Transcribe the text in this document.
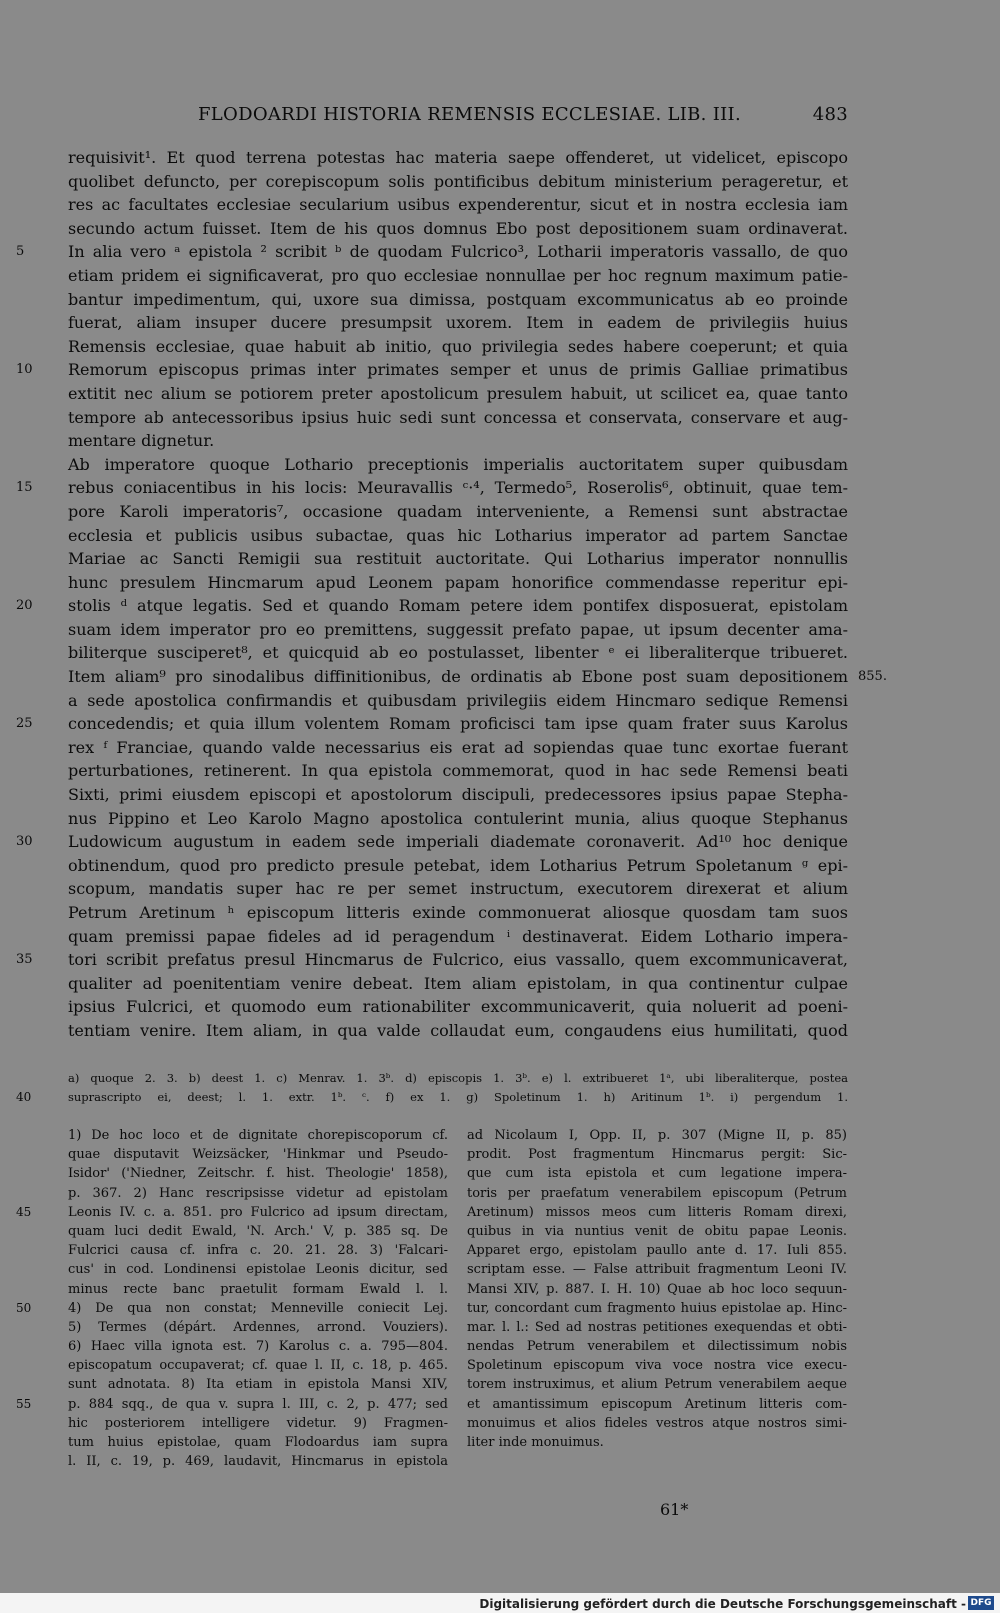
FLODOARDI HISTORIA REMENSIS ECCLESIAE. LIB. III.	483
requisivit¹. Et quod terrena potestas hac materia saepe offenderet, ut videlicet, episcopo
quolibet defuncto, per corepiscopum solis pontificibus debitum ministerium perageretur, et
res ac facultates ecclesiae secularium usibus expenderentur, sicut et in nostra ecclesia iam
secundo actum fuisset. Item de his quos domnus Ebo post depositionem suam ordinaverat.
5	In alia vero ᵃ epistola ² scribit ᵇ de quodam Fulcrico³, Lotharii imperatoris vassallo, de quo
etiam pridem ei significaverat, pro quo ecclesiae nonnullae per hoc regnum maximum patie-
bantur impedimentum, qui, uxore sua dimissa, postquam excommunicatus ab eo proinde
fuerat, aliam insuper ducere presumpsit uxorem. Item in eadem de privilegiis huius
Remensis ecclesiae, quae habuit ab initio, quo privilegia sedes habere coeperunt; et quia
10	Remorum episcopus primas inter primates semper et unus de primis Galliae primatibus
extitit nec alium se potiorem preter apostolicum presulem habuit, ut scilicet ea, quae tanto
tempore ab antecessoribus ipsius huic sedi sunt concessa et conservata, conservare et aug-
mentare dignetur.
Ab imperatore quoque Lothario preceptionis imperialis auctoritatem super quibusdam
15	rebus coniacentibus in his locis: Meuravallis ᶜ·⁴, Termedo⁵, Roserolis⁶, obtinuit, quae tem-
pore Karoli imperatoris⁷, occasione quadam interveniente, a Remensi sunt abstractae
ecclesia et publicis usibus subactae, quas hic Lotharius imperator ad partem Sanctae
Mariae ac Sancti Remigii sua restituit auctoritate. Qui Lotharius imperator nonnullis
hunc presulem Hincmarum apud Leonem papam honorifice commendasse reperitur epi-
20	stolis ᵈ atque legatis. Sed et quando Romam petere idem pontifex disposuerat, epistolam
suam idem imperator pro eo premittens, suggessit prefato papae, ut ipsum decenter ama-
biliterque susciperet⁸, et quicquid ab eo postulasset, libenter ᵉ ei liberaliterque tribueret.
Item aliam⁹ pro sinodalibus diffinitionibus, de ordinatis ab Ebone post suam depositionem 855.
a sede apostolica confirmandis et quibusdam privilegiis eidem Hincmaro sedique Remensi
25	concedendis; et quia illum volentem Romam proficisci tam ipse quam frater suus Karolus
rex ᶠ Franciae, quando valde necessarius eis erat ad sopiendas quae tunc exortae fuerant
perturbationes, retinerent. In qua epistola commemorat, quod in hac sede Remensi beati
Sixti, primi eiusdem episcopi et apostolorum discipuli, predecessores ipsius papae Stepha-
nus Pippino et Leo Karolo Magno apostolica contulerint munia, alius quoque Stephanus
30	Ludowicum augustum in eadem sede imperiali diademate coronaverit. Ad¹⁰ hoc denique
obtinendum, quod pro predicto presule petebat, idem Lotharius Petrum Spoletanum ᵍ epi-
scopum, mandatis super hac re per semet instructum, executorem direxerat et alium
Petrum Aretinum ʰ episcopum litteris exinde commonuerat aliosque quosdam tam suos
quam premissi papae fideles ad id peragendum ⁱ destinaverat. Eidem Lothario impera-
35	tori scribit prefatus presul Hincmarus de Fulcrico, eius vassallo, quem excommunicaverat,
qualiter ad poenitentiam venire debeat. Item aliam epistolam, in qua continentur culpae
ipsius Fulcrici, et quomodo eum rationabiliter excommunicaverit, quia noluerit ad poeni-
tentiam venire. Item aliam, in qua valde collaudat eum, congaudens eius humilitati, quod
a) quoque 2. 3. b) deest 1. c) Menrav. 1. 3ᵇ. d) episcopis 1. 3ᵇ. e) l. extribueret 1ᵃ, ubi liberaliterque, postea
40	suprascripto ei, deest; l. 1. extr. 1ᵇ. ᶜ. f) ex 1. g) Spoletinum 1. h) Aritinum 1ᵇ. i) pergendum 1.
1) De hoc loco et de dignitate chorepiscoporum cf.
quae disputavit Weizsäcker, 'Hinkmar und Pseudo-
Isidor' ('Niedner, Zeitschr. f. hist. Theologie' 1858),
p. 367. 2) Hanc rescripsisse videtur ad epistolam
45	Leonis IV. c. a. 851. pro Fulcrico ad ipsum directam,
quam luci dedit Ewald, 'N. Arch.' V, p. 385 sq. De
Fulcrici causa cf. infra c. 20. 21. 28. 3) 'Falcari-
cus' in cod. Londinensi epistolae Leonis dicitur, sed
minus recte banc praetulit formam Ewald l. l.
50	4) De qua non constat; Menneville coniecit Lej.
5) Termes (dépárt. Ardennes, arrond. Vouziers).
6) Haec villa ignota est. 7) Karolus c. a. 795—804.
episcopatum occupaverat; cf. quae l. II, c. 18, p. 465.
sunt adnotata. 8) Ita etiam in epistola Mansi XIV,
55	p. 884 sqq., de qua v. supra l. III, c. 2, p. 477; sed
hic posteriorem intelligere videtur. 9) Fragmen-
tum huius epistolae, quam Flodoardus iam supra
l. II, c. 19, p. 469, laudavit, Hincmarus in epistola
ad Nicolaum I, Opp. II, p. 307 (Migne II, p. 85)
prodit. Post fragmentum Hincmarus pergit: Sic-
que cum ista epistola et cum legatione impera-
toris per praefatum venerabilem episcopum (Petrum
Aretinum) missos meos cum litteris Romam direxi,
quibus in via nuntius venit de obitu papae Leonis.
Apparet ergo, epistolam paullo ante d. 17. Iuli 855.
scriptam esse. — False attribuit fragmentum Leoni IV.
Mansi XIV, p. 887. I. H. 10) Quae ab hoc loco sequun-
tur, concordant cum fragmento huius epistolae ap. Hinc-
mar. l. l.: Sed ad nostras petitiones exequendas et obti-
nendas Petrum venerabilem et dilectissimum nobis
Spoletinum episcopum viva voce nostra vice execu-
torem instruximus, et alium Petrum venerabilem aeque
et amantissimum episcopum Aretinum litteris com-
monuimus et alios fideles vestros atque nostros simi-
liter inde monuimus.
61*
Digitalisierung gefördert durch die Deutsche Forschungsgemeinschaft - DFG
